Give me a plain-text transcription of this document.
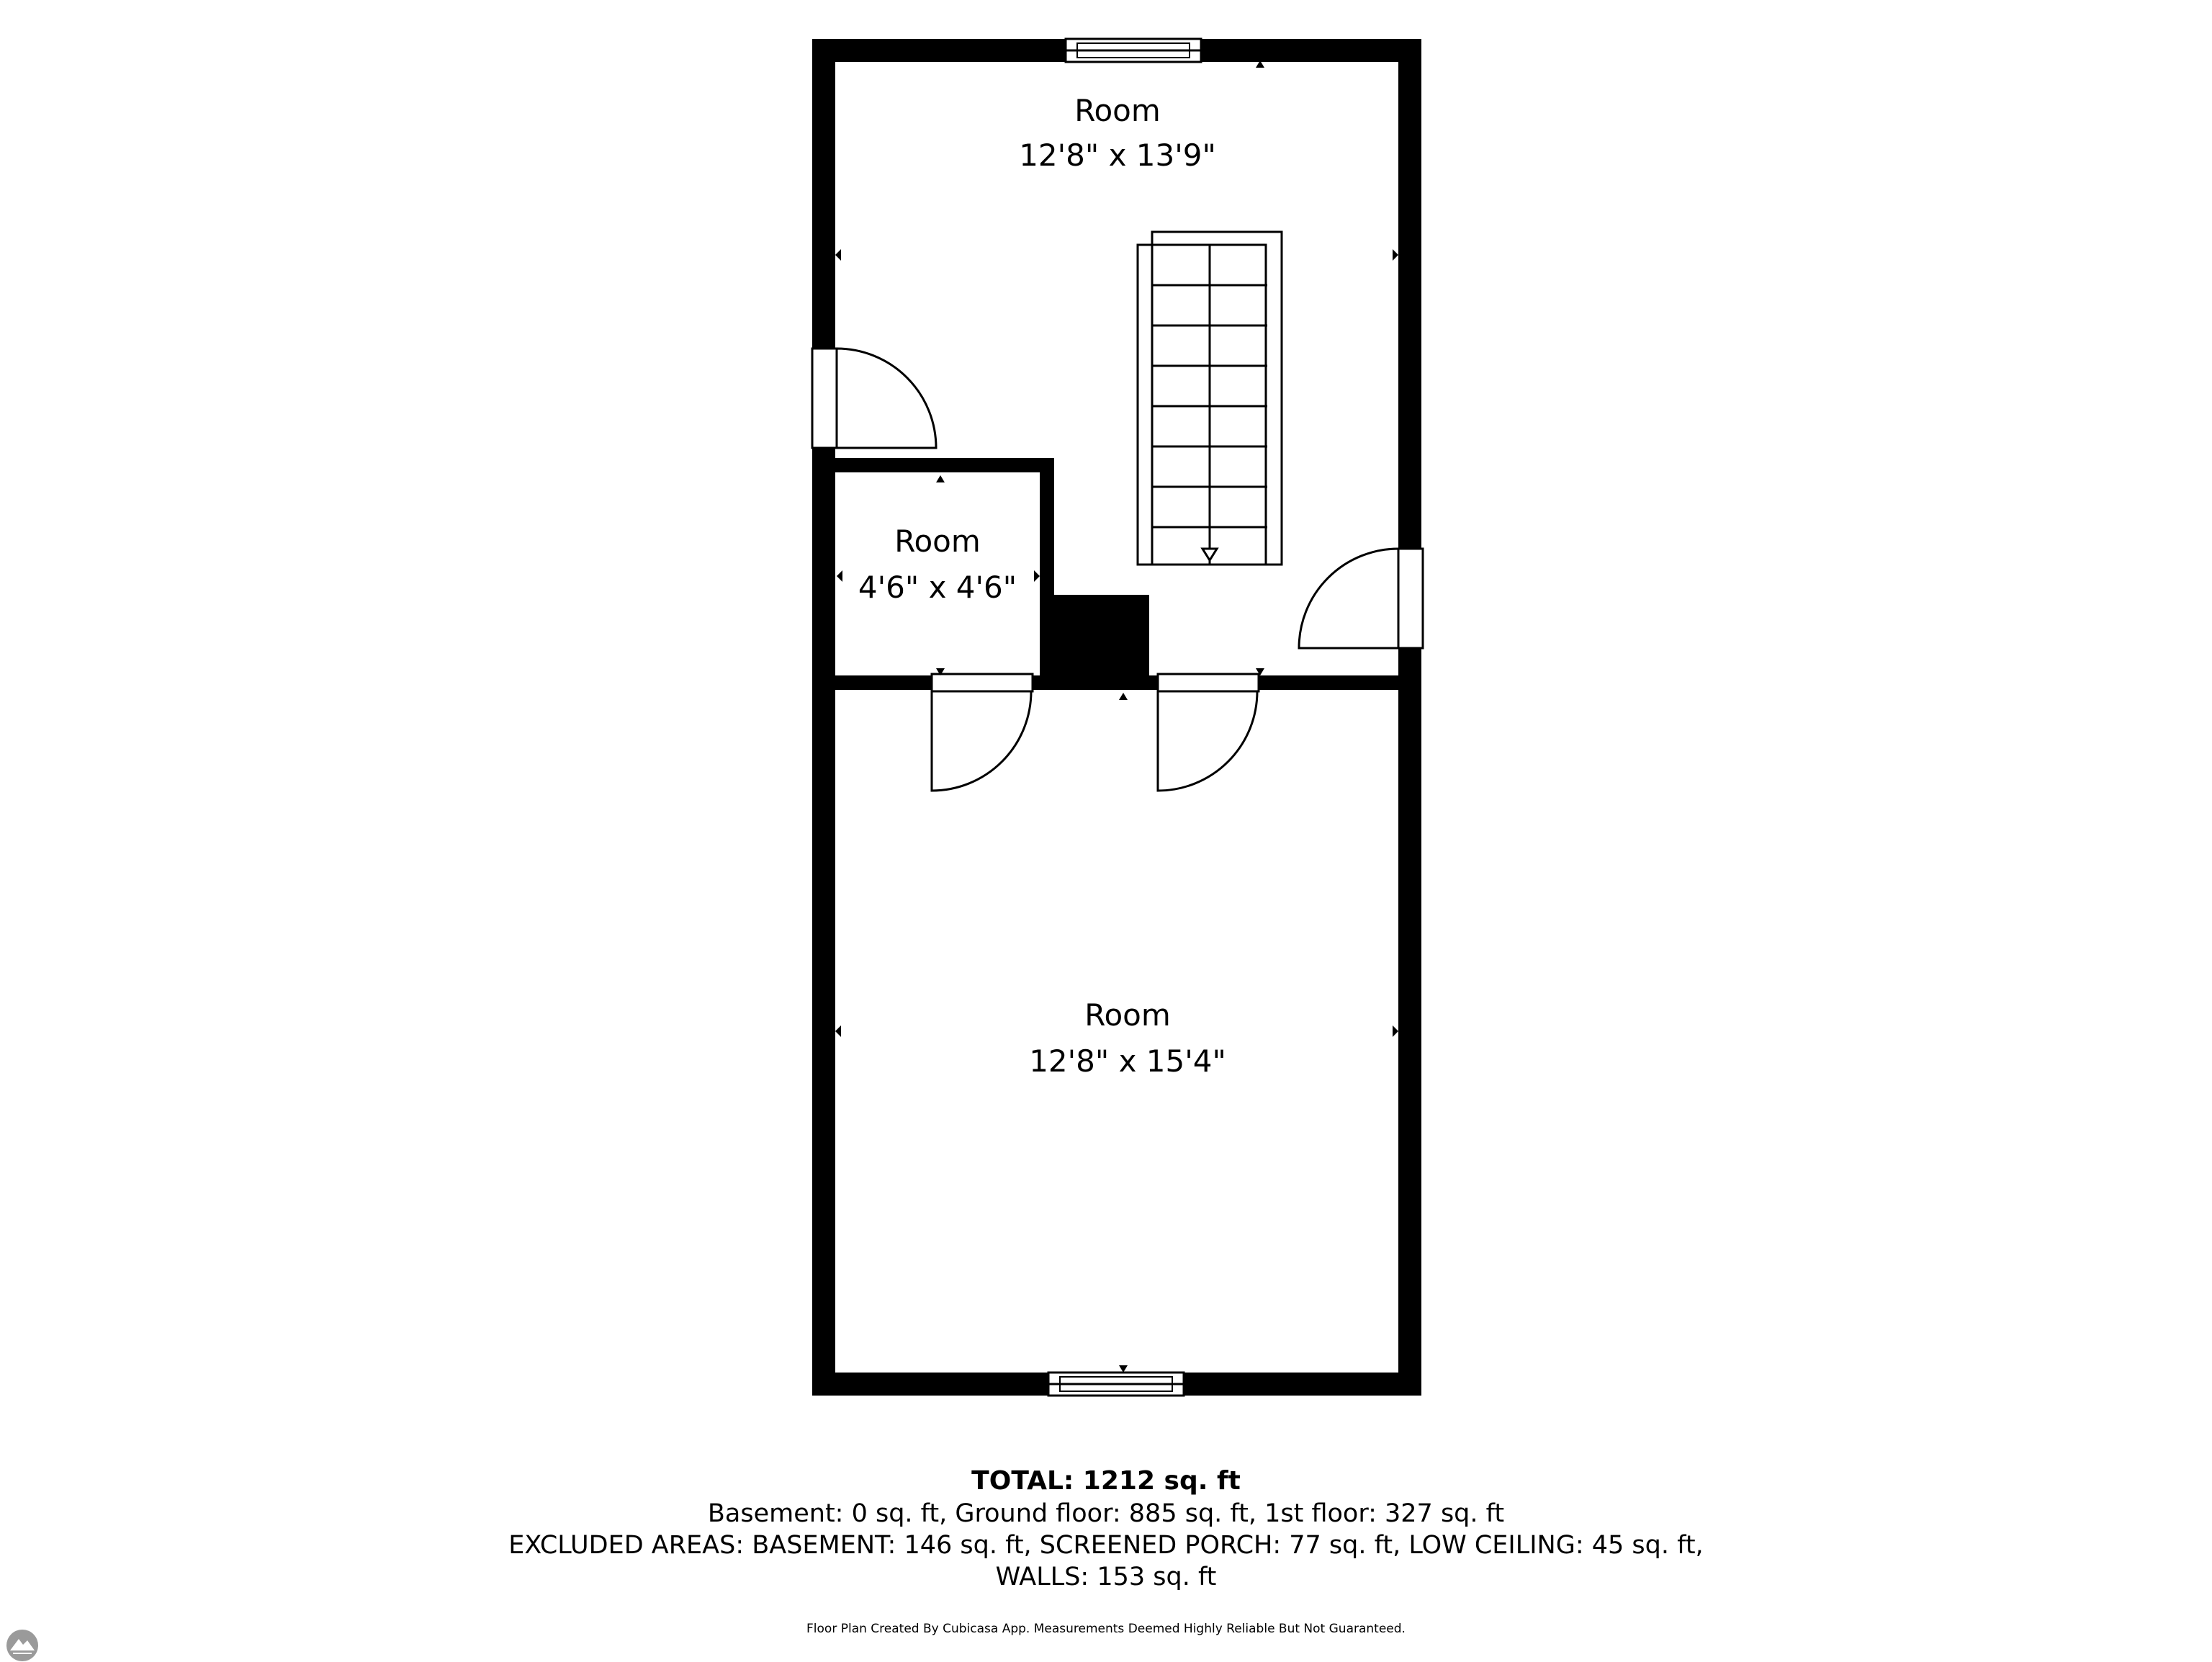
Room
12'8" x 13'9"
Room
4'6" x 4'6"
Room
12'8" x 15'4"
TOTAL: 1212 sq. ft
Basement: 0 sq. ft, Ground floor: 885 sq. ft, 1st floor: 327 sq. ft
EXCLUDED AREAS: BASEMENT: 146 sq. ft, SCREENED PORCH: 77 sq. ft, LOW CEILING: 45 sq. ft,
WALLS: 153 sq. ft
Floor Plan Created By Cubicasa App. Measurements Deemed Highly Reliable But Not Guaranteed.
